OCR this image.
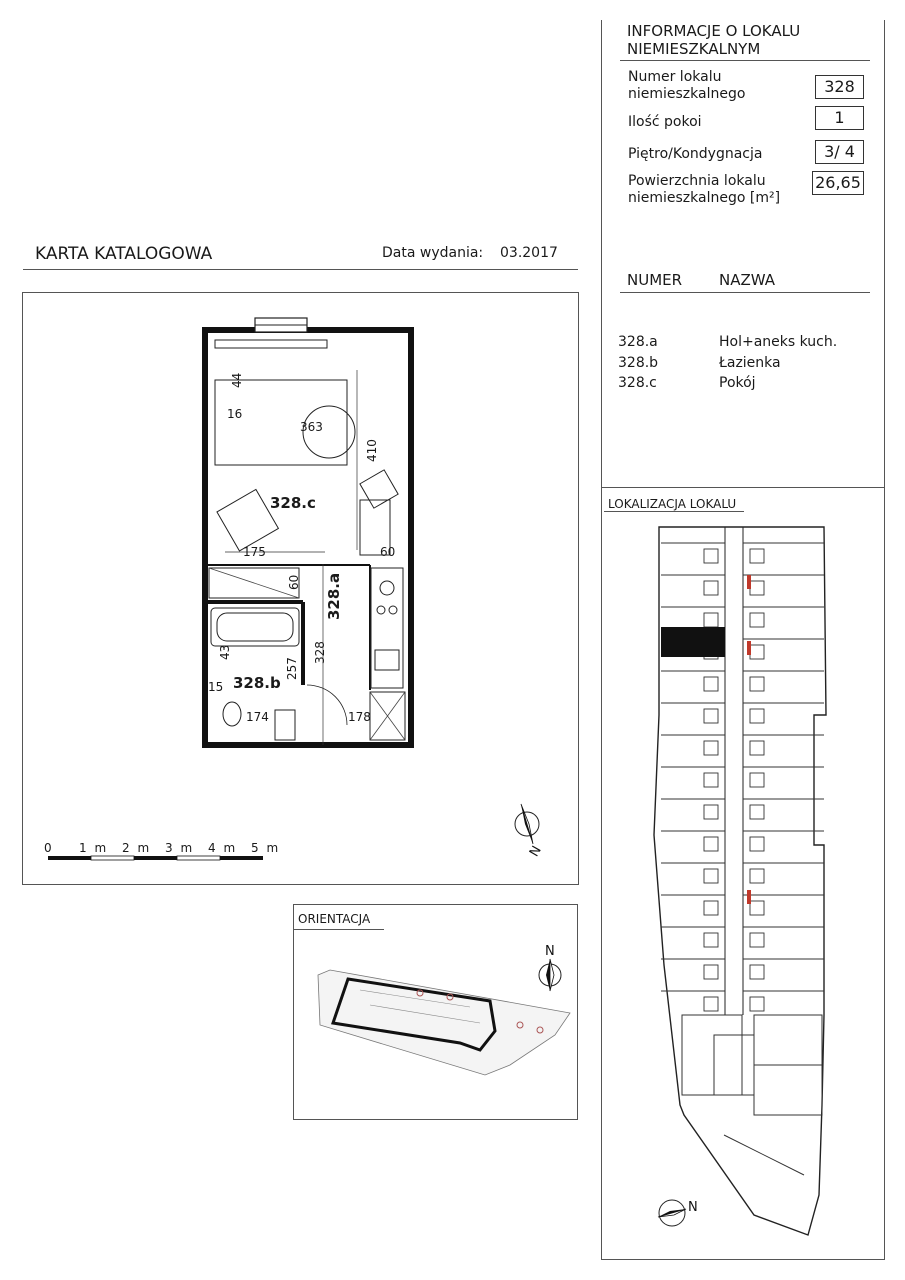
INFORMACJE O LOKALU
NIEMIESZKALNYM
Numer lokalu
niemieszkalnego	328
Ilość pokoi	1
Piętro/Kondygnacja	3/ 4
Powierzchnia lokalu
niemieszkalnego [m²]
26,65
NUMER NAZWA
328.a	Hol+aneks kuch.
328.b	Łazienka
328.c	Pokój
LOKALIZACJA LOKALU
N
KARTA KATALOGOWA	Data wydania: 03.2017
328.c
328.a
328.b
44
16
363
410
175	60
60
43
257
328
15
174	178
N
0 1 m 2 m 3 m 4 m 5 m
ORIENTACJA
N
